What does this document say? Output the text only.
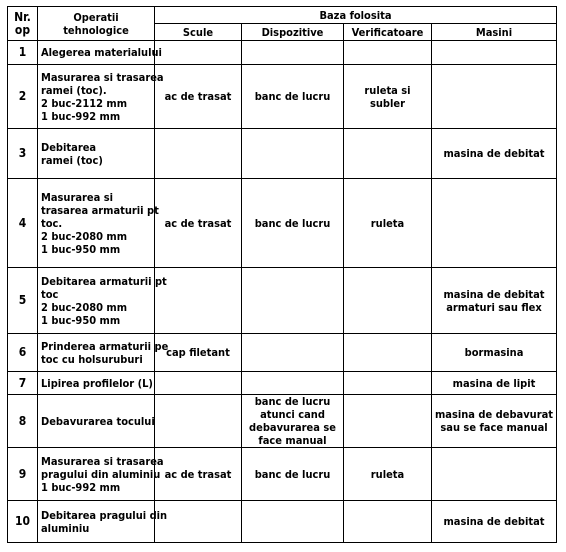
Nr. op	Operatii tehnologice	Baza folosita			
		Scule	Dispozitive	Verificatoare	Masini
1	Alegerea materialului				

2	Masurarea si trasarea
ramei (toc).
2 buc-2112 mm
1 buc-992 mm	ac de trasat	banc de lucru	ruleta si subler	
3	Debitarea
ramei (toc)				masina de debitat
4	Masurarea si
trasarea armaturii pt
toc.
2 buc-2080 mm
1 buc-950 mm	ac de trasat	banc de lucru	ruleta	
5	Debitarea armaturii pt
toc
2 buc-2080 mm
1 buc-950 mm				masina de debitat armaturi sau flex
6	Prinderea armaturii pe
toc cu holsuruburi	cap filetant			bormasina
7	Lipirea profilelor (L)				masina de lipit
8	Debavurarea tocului		banc de lucru atunci cand debavurarea se face manual		masina de debavurat sau se face manual
9	Masurarea si trasarea
pragului din aluminiu
1 buc-992 mm	ac de trasat	banc de lucru	ruleta	
10	Debitarea pragului din
aluminiu				masina de debitat
